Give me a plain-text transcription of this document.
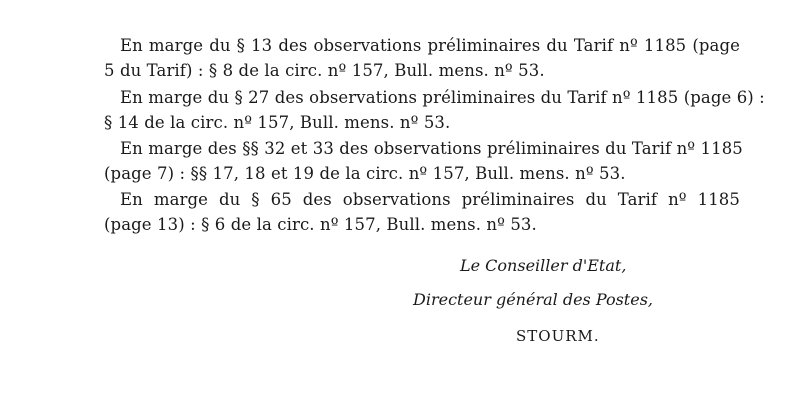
En marge du § 13 des observations préliminaires du Tarif nº 1185 (page
5 du Tarif) : § 8 de la circ. nº 157, Bull. mens. nº 53.

En marge du § 27 des observations préliminaires du Tarif nº 1185 (page 6) :
§ 14 de la circ. nº 157, Bull. mens. nº 53.

En marge des §§ 32 et 33 des observations préliminaires du Tarif nº 1185
(page 7) : §§ 17, 18 et 19 de la circ. nº 157, Bull. mens. nº 53.

En marge du § 65 des observations préliminaires du Tarif nº 1185
(page 13) : § 6 de la circ. nº 157, Bull. mens. nº 53.

Le Conseiller d'Etat,

Directeur général des Postes,

STOURM.
